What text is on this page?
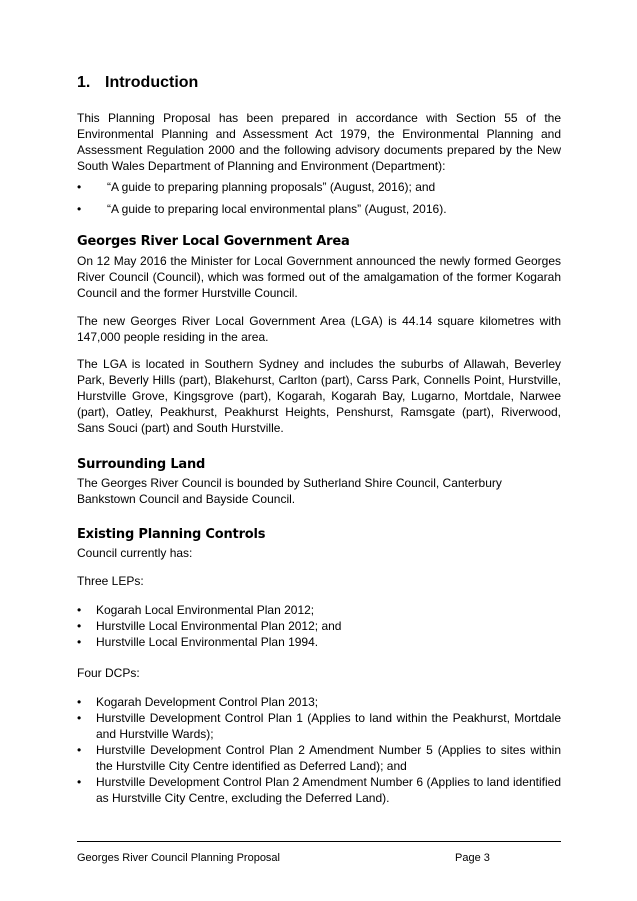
1. Introduction

This Planning Proposal has been prepared in accordance with Section 55 of the Environmental Planning and Assessment Act 1979, the Environmental Planning and Assessment Regulation 2000 and the following advisory documents prepared by the New South Wales Department of Planning and Environment (Department):

• “A guide to preparing planning proposals” (August, 2016); and
• “A guide to preparing local environmental plans” (August, 2016).
Georges River Local Government Area

On 12 May 2016 the Minister for Local Government announced the newly formed Georges River Council (Council), which was formed out of the amalgamation of the former Kogarah Council and the former Hurstville Council.

The new Georges River Local Government Area (LGA) is 44.14 square kilometres with 147,000 people residing in the area.

The LGA is located in Southern Sydney and includes the suburbs of Allawah, Beverley Park, Beverly Hills (part), Blakehurst, Carlton (part), Carss Park, Connells Point, Hurstville, Hurstville Grove, Kingsgrove (part), Kogarah, Kogarah Bay, Lugarno, Mortdale, Narwee (part), Oatley, Peakhurst, Peakhurst Heights, Penshurst, Ramsgate (part), Riverwood, Sans Souci (part) and South Hurstville.

Surrounding Land

The Georges River Council is bounded by Sutherland Shire Council, Canterbury Bankstown Council and Bayside Council.

Existing Planning Controls

Council currently has:

Three LEPs:

• Kogarah Local Environmental Plan 2012;
• Hurstville Local Environmental Plan 2012; and
• Hurstville Local Environmental Plan 1994.

Four DCPs:

• Kogarah Development Control Plan 2013;
• Hurstville Development Control Plan 1 (Applies to land within the Peakhurst, Mortdale and Hurstville Wards);
• Hurstville Development Control Plan 2 Amendment Number 5 (Applies to sites within the Hurstville City Centre identified as Deferred Land); and
• Hurstville Development Control Plan 2 Amendment Number 6 (Applies to land identified as Hurstville City Centre, excluding the Deferred Land).
Georges River Council Planning Proposal	Page 3
